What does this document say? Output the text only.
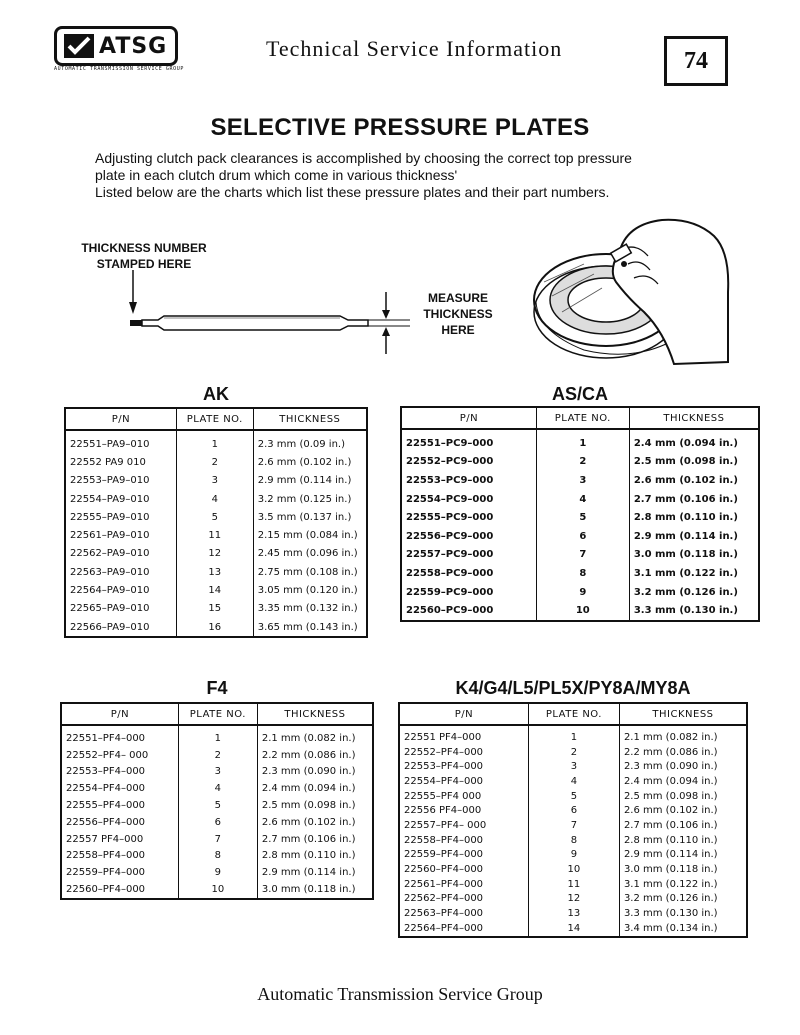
ATSG
AUTOMATIC TRANSMISSION SERVICE GROUP
Technical Service Information	74
SELECTIVE PRESSURE PLATES
Adjusting clutch pack clearances is accomplished by choosing the correct top pressure
plate in each clutch drum which come in various thickness'
Listed below are the charts which list these pressure plates and their part numbers.
THICKNESS NUMBER
STAMPED HERE
MEASURE
THICKNESS
HERE
AK
P/N	PLATE NO.	THICKNESS
22551–PA9–010	1	2.3 mm (0.09 in.)
22552 PA9 010	2	2.6 mm (0.102 in.)
22553–PA9–010	3	2.9 mm (0.114 in.)
22554–PA9–010	4	3.2 mm (0.125 in.)
22555–PA9–010	5	3.5 mm (0.137 in.)
22561–PA9–010	11	2.15 mm (0.084 in.)
22562–PA9–010	12	2.45 mm (0.096 in.)
22563–PA9–010	13	2.75 mm (0.108 in.)
22564–PA9–010	14	3.05 mm (0.120 in.)
22565–PA9–010	15	3.35 mm (0.132 in.)
22566–PA9–010	16	3.65 mm (0.143 in.)
AS/CA
P/N	PLATE NO.	THICKNESS
22551–PC9–000	1	2.4 mm (0.094 in.)
22552–PC9–000	2	2.5 mm (0.098 in.)
22553–PC9–000	3	2.6 mm (0.102 in.)
22554–PC9–000	4	2.7 mm (0.106 in.)
22555–PC9–000	5	2.8 mm (0.110 in.)
22556–PC9–000	6	2.9 mm (0.114 in.)
22557–PC9–000	7	3.0 mm (0.118 in.)
22558–PC9–000	8	3.1 mm (0.122 in.)
22559–PC9–000	9	3.2 mm (0.126 in.)
22560–PC9–000	10	3.3 mm (0.130 in.)
F4
P/N	PLATE NO.	THICKNESS
22551–PF4–000	1	2.1 mm (0.082 in.)
22552–PF4– 000	2	2.2 mm (0.086 in.)
22553–PF4–000	3	2.3 mm (0.090 in.)
22554–PF4–000	4	2.4 mm (0.094 in.)
22555–PF4–000	5	2.5 mm (0.098 in.)
22556–PF4–000	6	2.6 mm (0.102 in.)
22557 PF4–000	7	2.7 mm (0.106 in.)
22558–PF4–000	8	2.8 mm (0.110 in.)
22559–PF4–000	9	2.9 mm (0.114 in.)
22560–PF4–000	10	3.0 mm (0.118 in.)
K4/G4/L5/PL5X/PY8A/MY8A
P/N	PLATE NO.	THICKNESS
22551 PF4–000	1	2.1 mm (0.082 in.)
22552–PF4–000	2	2.2 mm (0.086 in.)
22553–PF4–000	3	2.3 mm (0.090 in.)
22554–PF4–000	4	2.4 mm (0.094 in.)
22555–PF4 000	5	2.5 mm (0.098 in.)
22556 PF4–000	6	2.6 mm (0.102 in.)
22557–PF4– 000	7	2.7 mm (0.106 in.)
22558–PF4–000	8	2.8 mm (0.110 in.)
22559–PF4–000	9	2.9 mm (0.114 in.)
22560–PF4–000	10	3.0 mm (0.118 in.)
22561–PF4–000	11	3.1 mm (0.122 in.)
22562–PF4–000	12	3.2 mm (0.126 in.)
22563–PF4–000	13	3.3 mm (0.130 in.)
22564–PF4–000	14	3.4 mm (0.134 in.)
Automatic Transmission Service Group
